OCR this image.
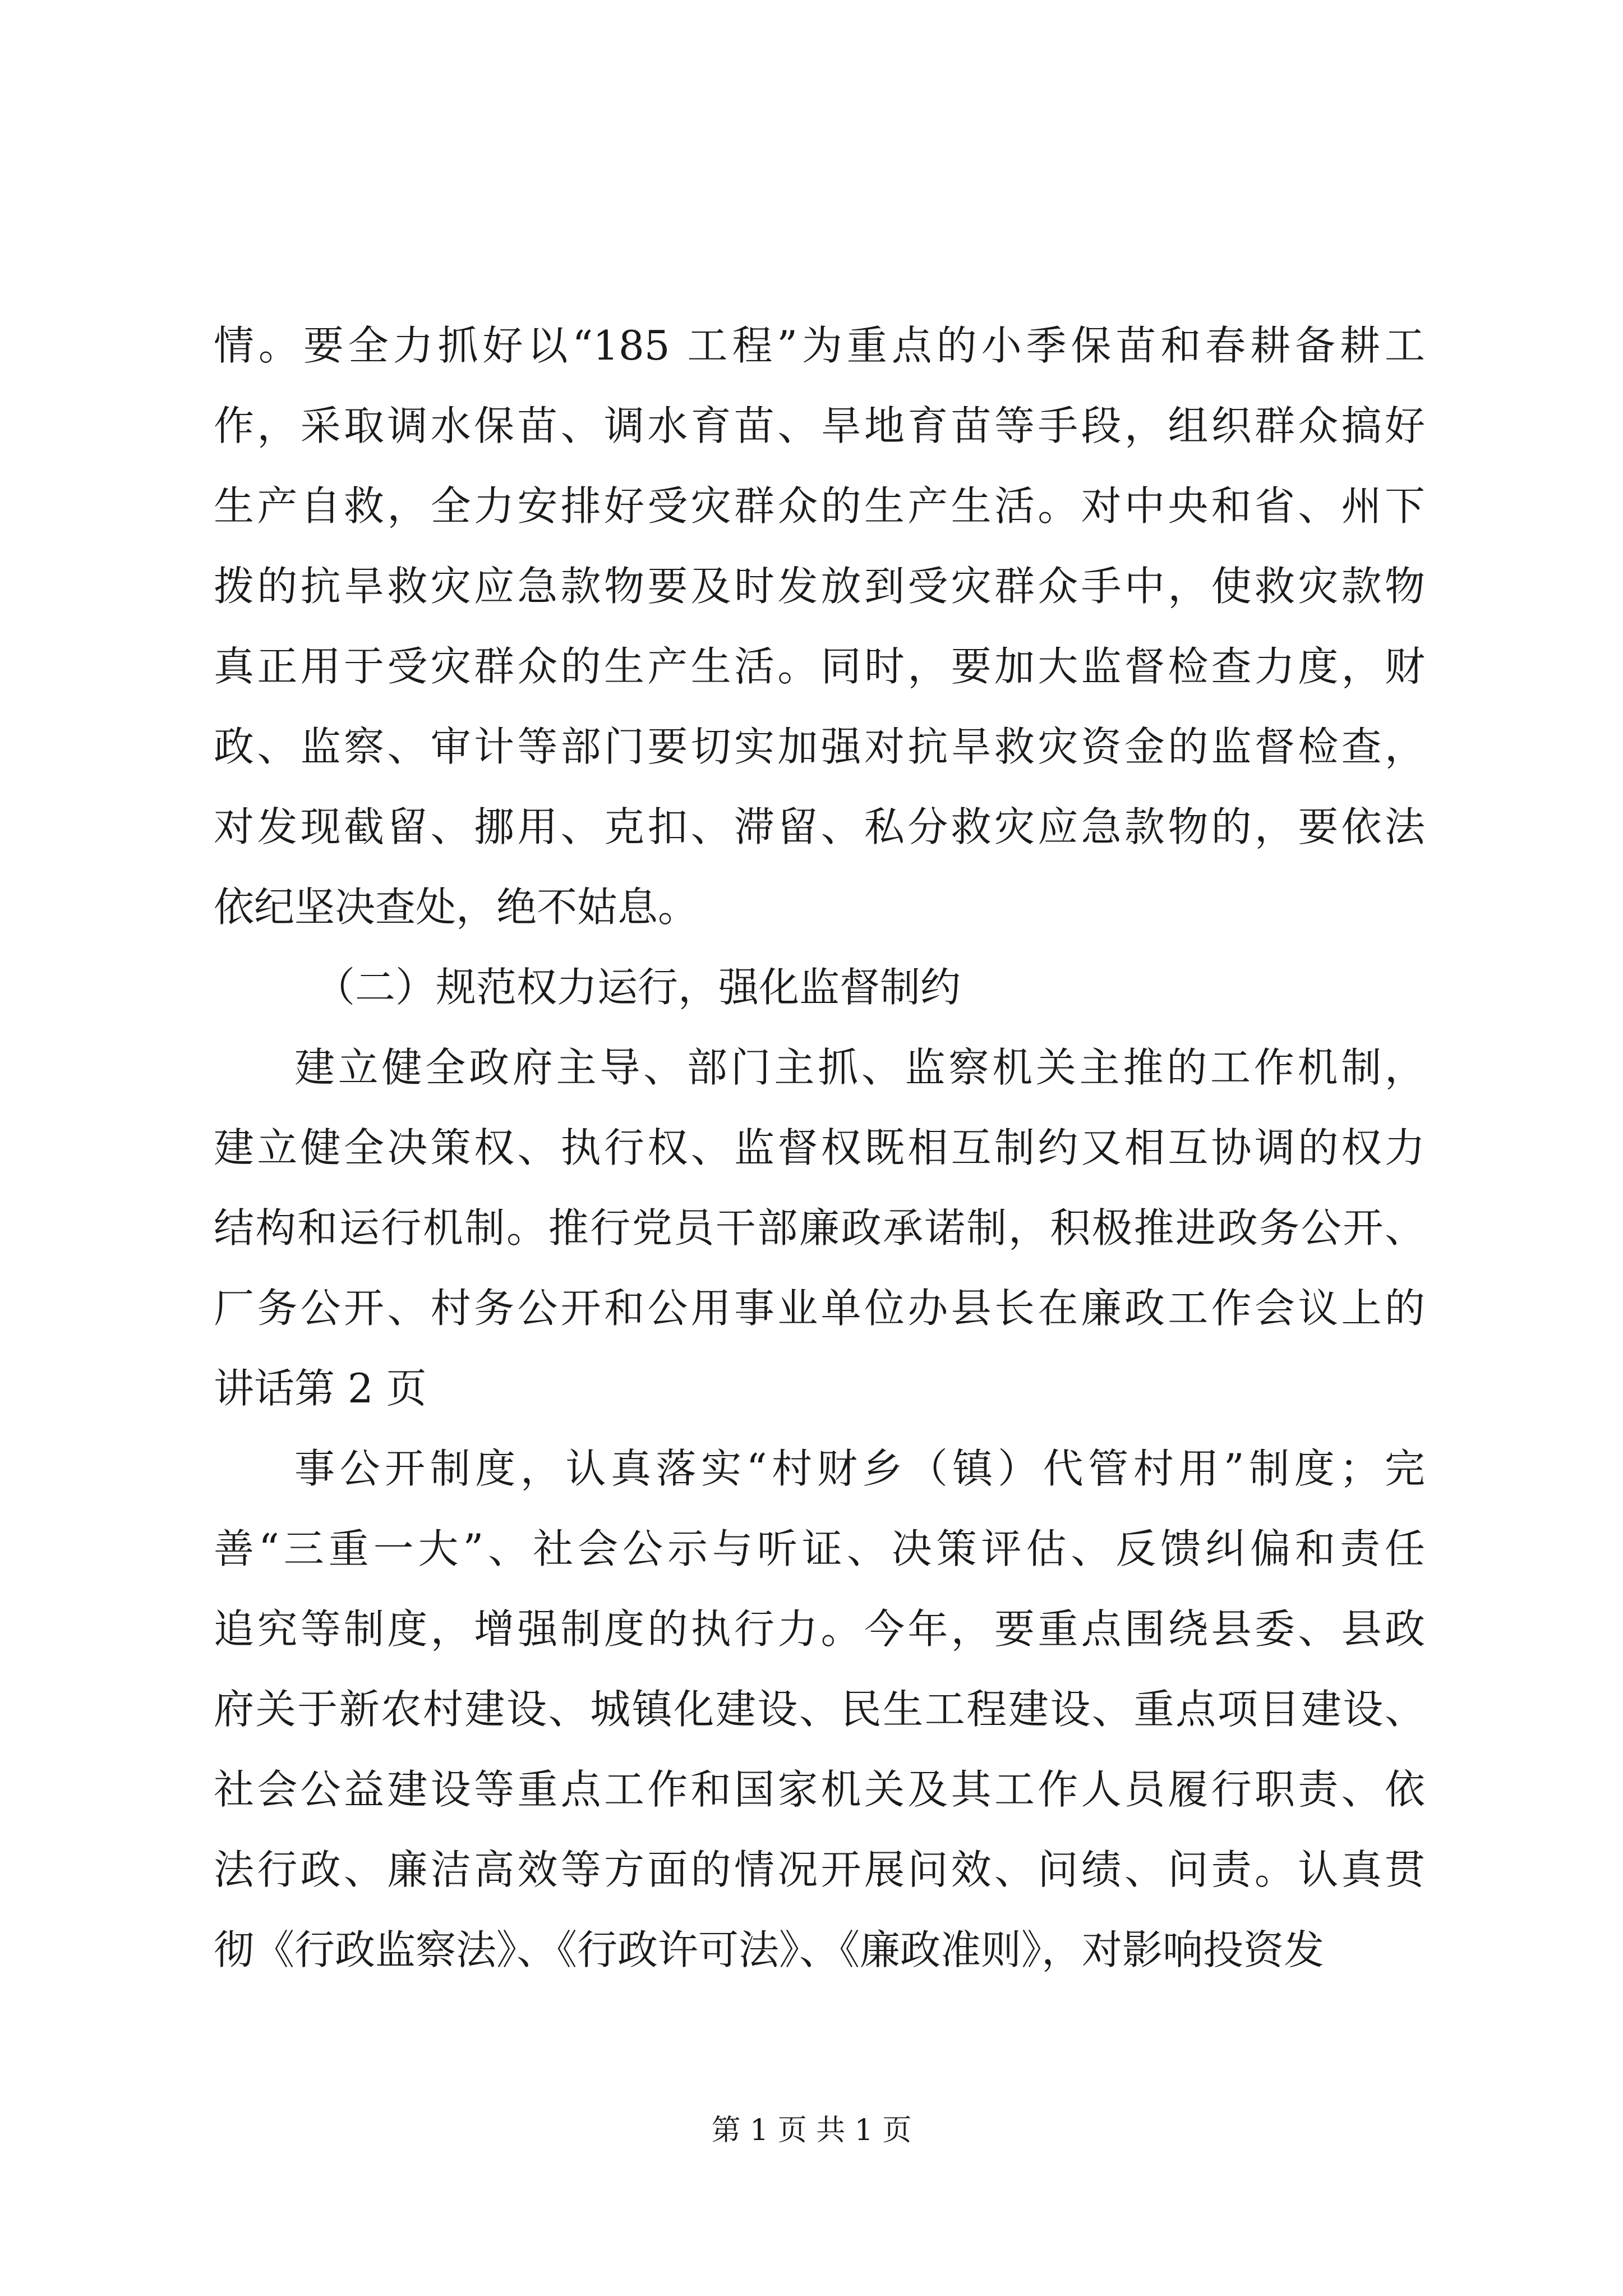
情。要全力抓好以“185 工程”为重点的小季保苗和春耕备耕工
作，采取调水保苗、调水育苗、旱地育苗等手段，组织群众搞好
生产自救，全力安排好受灾群众的生产生活。对中央和省、州下
拨的抗旱救灾应急款物要及时发放到受灾群众手中，使救灾款物
真正用于受灾群众的生产生活。同时，要加大监督检查力度，财
政、监察、审计等部门要切实加强对抗旱救灾资金的监督检查，
对发现截留、挪用、克扣、滞留、私分救灾应急款物的，要依法
依纪坚决查处，绝不姑息。
（二）规范权力运行，强化监督制约
建立健全政府主导、部门主抓、监察机关主推的工作机制，
建立健全决策权、执行权、监督权既相互制约又相互协调的权力
结构和运行机制。推行党员干部廉政承诺制，积极推进政务公开、
厂务公开、村务公开和公用事业单位办县长在廉政工作会议上的
讲话第 2 页
事公开制度，认真落实“村财乡（镇）代管村用”制度；完
善“三重一大”、社会公示与听证、决策评估、反馈纠偏和责任
追究等制度，增强制度的执行力。今年，要重点围绕县委、县政
府关于新农村建设、城镇化建设、民生工程建设、重点项目建设、
社会公益建设等重点工作和国家机关及其工作人员履行职责、依
法行政、廉洁高效等方面的情况开展问效、问绩、问责。认真贯
彻《行政监察法》、《行政许可法》、《廉政准则》，对影响投资发
第 1 页 共 1 页
